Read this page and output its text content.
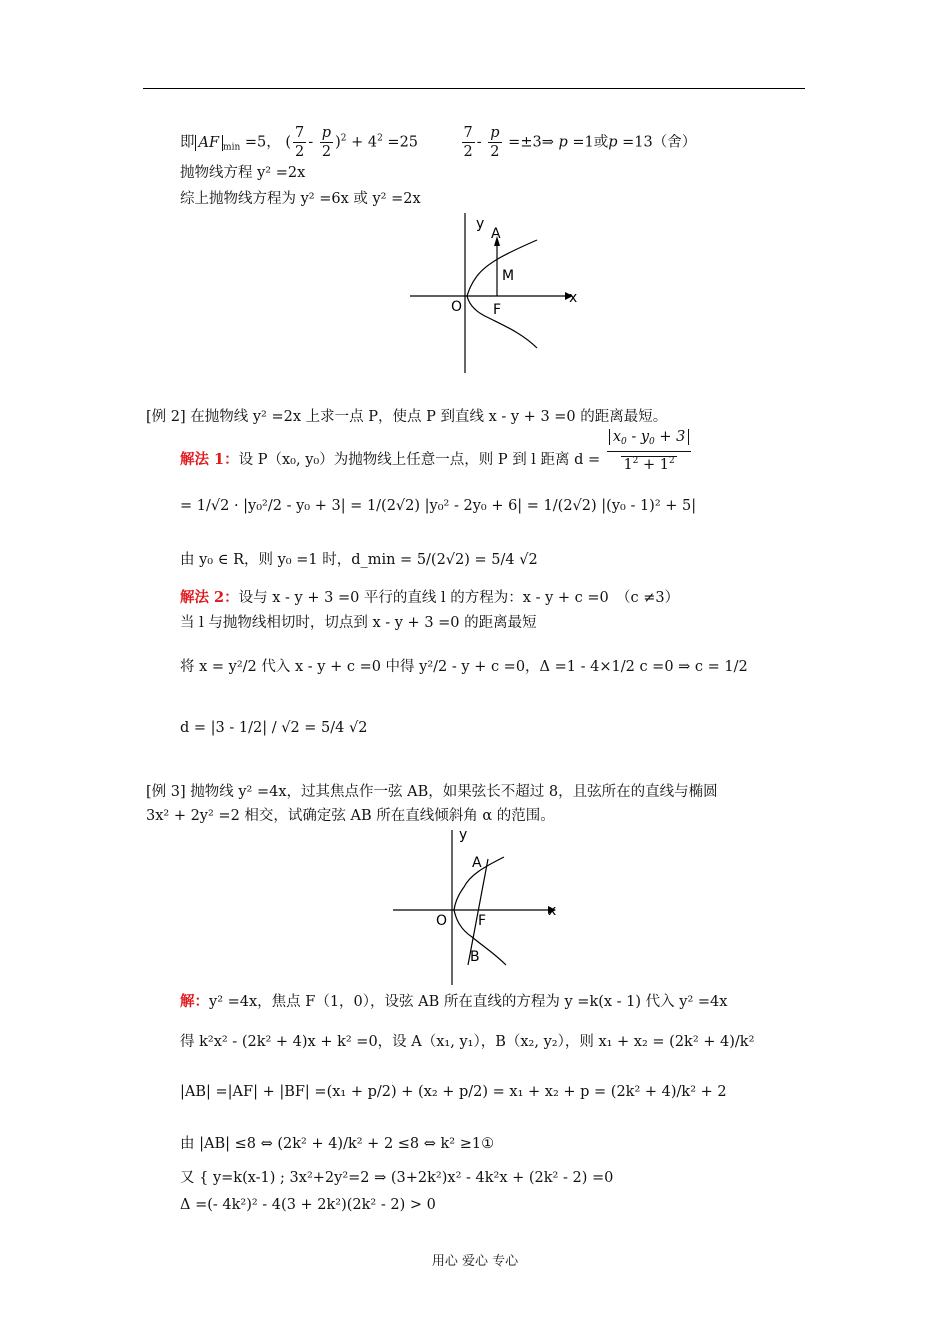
即 AF $_{min}$ =5， ( $\frac{7}{2} - \frac{p}{2} )^2 + 4^2 =25 \frac{7}{2} - \frac{p}{2}$ =±3⇒ p =1或p =13（舍）
抛物线方程 y² =2x
综上抛物线方程为 y² =6x 或 y² =2x
y
A
M
O F
x
[例 2] 在抛物线 y² =2x 上求一点 P，使点 P 到直线 x - y + 3 =0 的距离最短。
解法 1：设 P（x₀, y₀）为抛物线上任意一点，则 P 到 l 距离 $d = \frac{x_0 - y_0 + 3}{1^2 + 1^2}$
= 1/√2 · |y₀²/2 - y₀ + 3| = 1/(2√2) |y₀² - 2y₀ + 6| = 1/(2√2) |(y₀ - 1)² + 5|
由 y₀ ∈ R，则 y₀ =1 时，d_min = 5/(2√2) = 5/4 √2
解法 2：设与 x - y + 3 =0 平行的直线 l 的方程为：x - y + c =0　（c ≠3）
当 l 与抛物线相切时，切点到 x - y + 3 =0 的距离最短
将 x = y²/2 代入 x - y + c =0 中得 y²/2 - y + c =0，Δ =1 - 4×1/2 c =0 ⇒ c = 1/2
d = |3 - 1/2| / √2 = 5/4 √2
[例 3] 抛物线 y² =4x，过其焦点作一弦 AB，如果弦长不超过 8，且弦所在的直线与椭圆
3x² + 2y² =2 相交，试确定弦 AB 所在直线倾斜角 α 的范围。
y
A
O F
B
x
解：y² =4x，焦点 F（1，0），设弦 AB 所在直线的方程为 y =k(x - 1) 代入 y² =4x
得 k²x² - (2k² + 4)x + k² =0，设 A（x₁, y₁），B（x₂, y₂），则 x₁ + x₂ = (2k² + 4)/k²
|AB| =|AF| + |BF| =(x₁ + p/2) + (x₂ + p/2) = x₁ + x₂ + p = (2k² + 4)/k² + 2
由 |AB| ≤8 ⇔ (2k² + 4)/k² + 2 ≤8 ⇔ k² ≥1①
又 { y=k(x-1) ; 3x²+2y²=2 ⇒ (3+2k²)x² - 4k²x + (2k² - 2) =0
Δ =(- 4k²)² - 4(3 + 2k²)(2k² - 2) > 0
用心 爱心 专心
